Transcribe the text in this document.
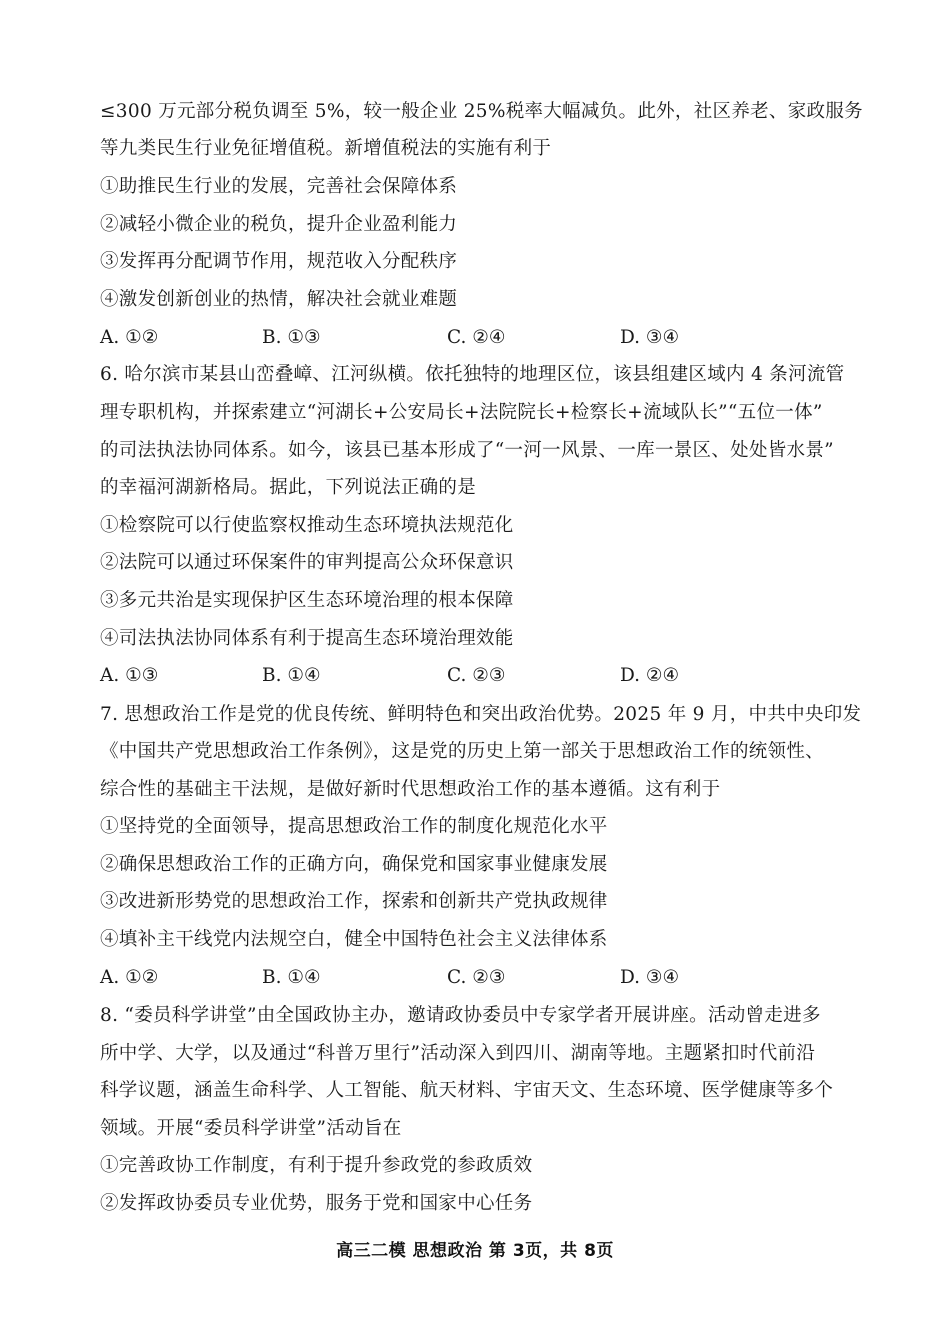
≤300 万元部分税负调至 5%，较一般企业 25%税率大幅减负。此外，社区养老、家政服务
等九类民生行业免征增值税。新增值税法的实施有利于
①助推民生行业的发展，完善社会保障体系
②减轻小微企业的税负，提升企业盈利能力
③发挥再分配调节作用，规范收入分配秩序
④激发创新创业的热情，解决社会就业难题
6. 哈尔滨市某县山峦叠嶂、江河纵横。依托独特的地理区位，该县组建区域内 4 条河流管
理专职机构，并探索建立“河湖长+公安局长+法院院长+检察长+流域队长”“五位一体”
的司法执法协同体系。如今，该县已基本形成了“一河一风景、一库一景区、处处皆水景”
的幸福河湖新格局。据此，下列说法正确的是
①检察院可以行使监察权推动生态环境执法规范化
②法院可以通过环保案件的审判提高公众环保意识
③多元共治是实现保护区生态环境治理的根本保障
④司法执法协同体系有利于提高生态环境治理效能
7. 思想政治工作是党的优良传统、鲜明特色和突出政治优势。2025 年 9 月，中共中央印发
《中国共产党思想政治工作条例》，这是党的历史上第一部关于思想政治工作的统领性、
综合性的基础主干法规，是做好新时代思想政治工作的基本遵循。这有利于
①坚持党的全面领导，提高思想政治工作的制度化规范化水平
②确保思想政治工作的正确方向，确保党和国家事业健康发展
③改进新形势党的思想政治工作，探索和创新共产党执政规律
④填补主干线党内法规空白，健全中国特色社会主义法律体系
8. “委员科学讲堂”由全国政协主办，邀请政协委员中专家学者开展讲座。活动曾走进多
所中学、大学，以及通过“科普万里行”活动深入到四川、湖南等地。主题紧扣时代前沿
科学议题，涵盖生命科学、人工智能、航天材料、宇宙天文、生态环境、医学健康等多个
领域。开展“委员科学讲堂”活动旨在
①完善政协工作制度，有利于提升参政党的参政质效
②发挥政协委员专业优势，服务于党和国家中心任务
A. ①②	B. ①③	C. ②④	D. ③④
A. ①③	B. ①④	C. ②③	D. ②④
A. ①②	B. ①④	C. ②③	D. ③④
高三二模 思想政治 第 3页，共 8页
